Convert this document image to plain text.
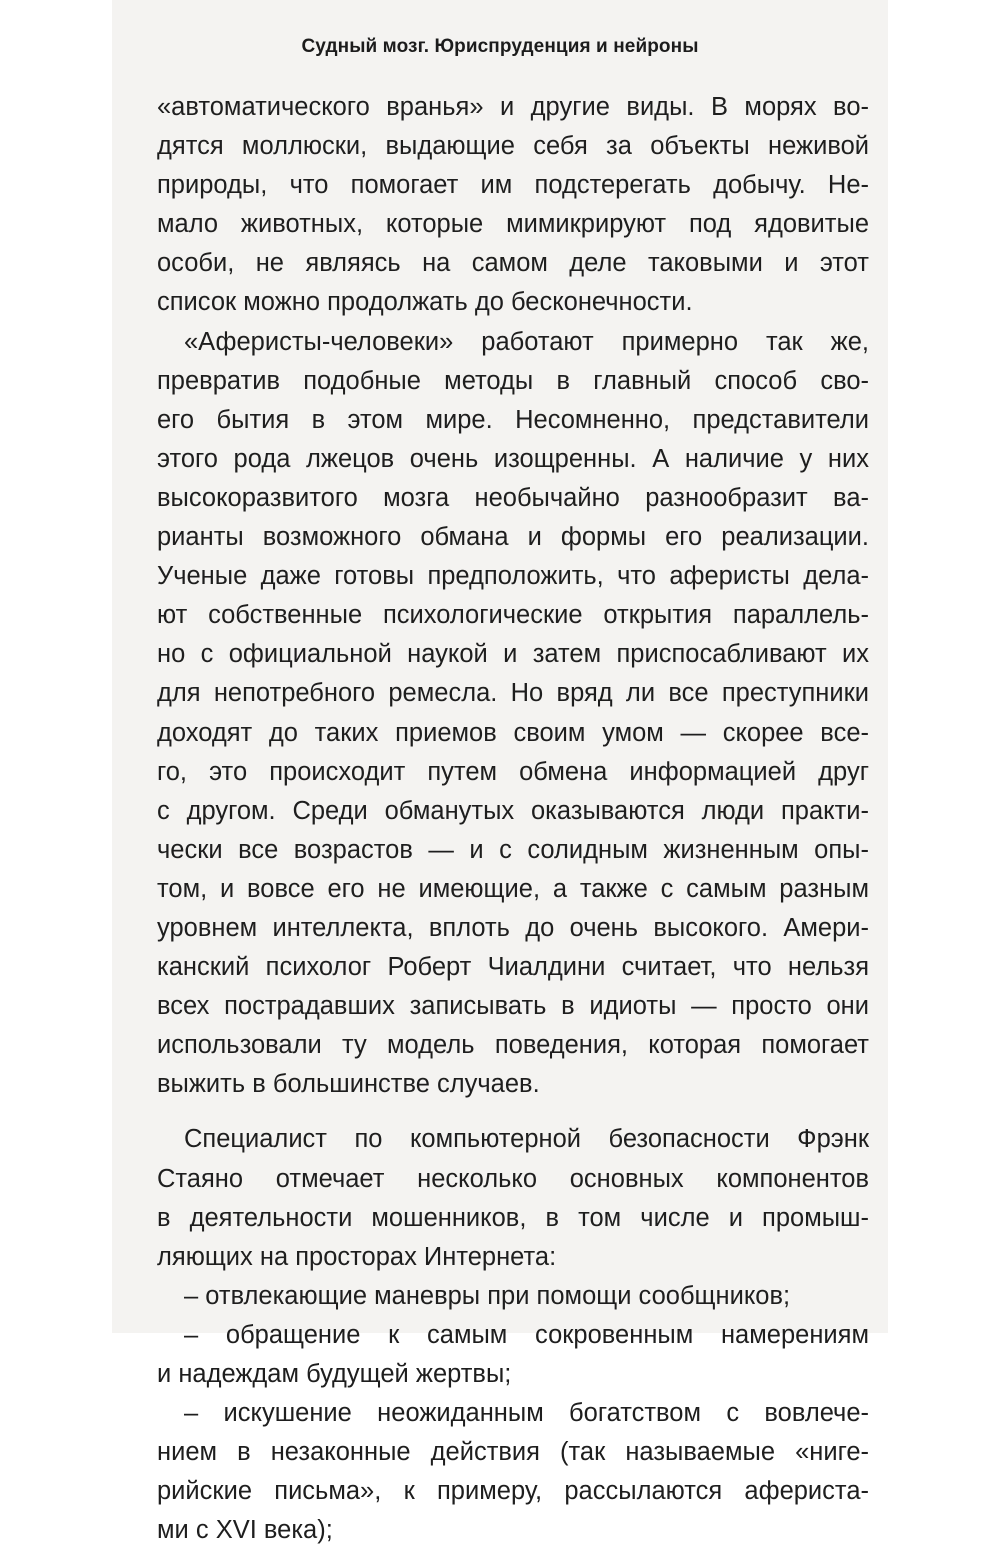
Судный мозг. Юриспруденция и нейроны
«автоматического вранья» и другие виды. В морях во-
дятся моллюски, выдающие себя за объекты неживой
природы, что помогает им подстерегать добычу. Не-
мало животных, которые мимикрируют под ядовитые
особи, не являясь на самом деле таковыми и этот
список можно продолжать до бесконечности.
«Аферисты-человеки» работают примерно так же,
превратив подобные методы в главный способ сво-
его бытия в этом мире. Несомненно, представители
этого рода лжецов очень изощренны. А наличие у них
высокоразвитого мозга необычайно разнообразит ва-
рианты возможного обмана и формы его реализации.
Ученые даже готовы предположить, что аферисты дела-
ют собственные психологические открытия параллель-
но с официальной наукой и затем приспосабливают их
для непотребного ремесла. Но вряд ли все преступники
доходят до таких приемов своим умом — скорее все-
го, это происходит путем обмена информацией друг
с другом. Среди обманутых оказываются люди практи-
чески все возрастов — и с солидным жизненным опы-
том, и вовсе его не имеющие, а также с самым разным
уровнем интеллекта, вплоть до очень высокого. Амери-
канский психолог Роберт Чиалдини считает, что нельзя
всех пострадавших записывать в идиоты — просто они
использовали ту модель поведения, которая помогает
выжить в большинстве случаев.
Специалист по компьютерной безопасности Фрэнк
Стаяно отмечает несколько основных компонентов
в деятельности мошенников, в том числе и промыш-
ляющих на просторах Интернета:
– отвлекающие маневры при помощи сообщников;
– обращение к самым сокровенным намерениям
и надеждам будущей жертвы;
– искушение неожиданным богатством с вовлече-
нием в незаконные действия (так называемые «ниге-
рийские письма», к примеру, рассылаются афериста-
ми с XVI века);
